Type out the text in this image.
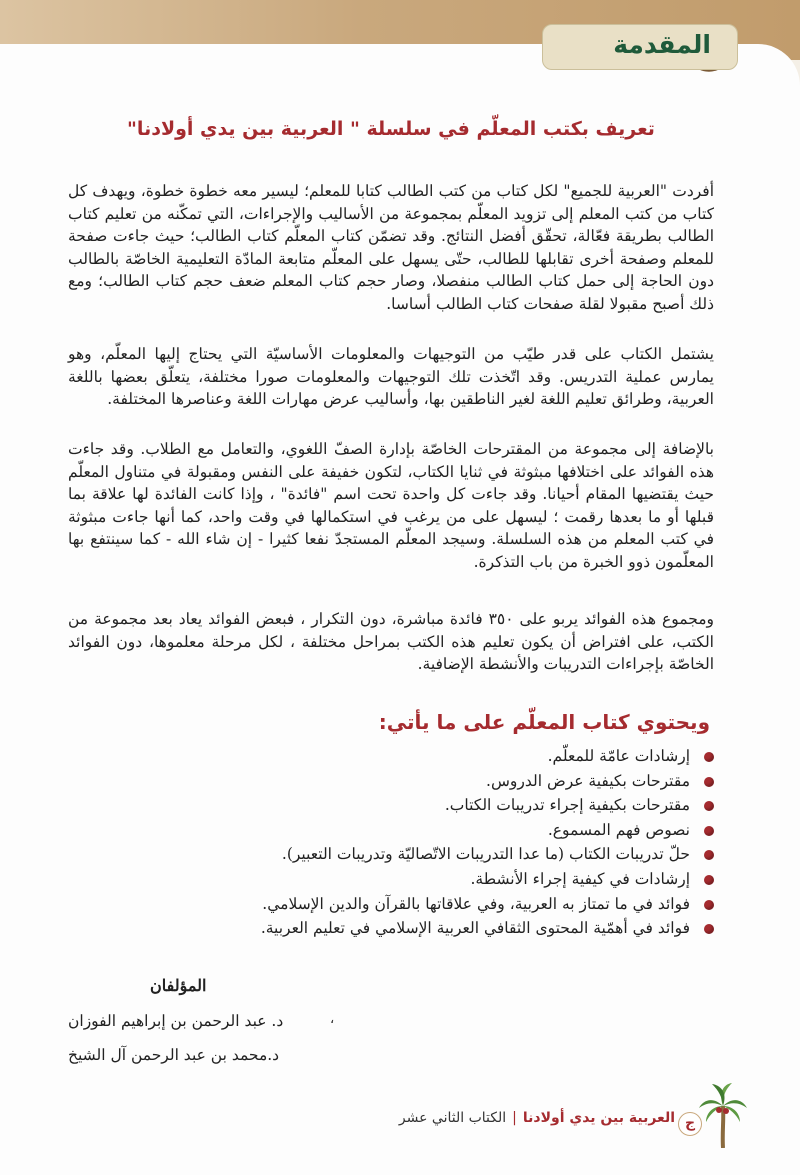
المقدمة
تعريف بكتب المعلّم في سلسلة " العربية بين يدي أولادنا"

أفردت "العربية للجميع" لكل كتاب من كتب الطالب كتابا للمعلم؛ ليسير معه خطوة خطوة، ويهدف كل كتاب من كتب المعلم إلى تزويد المعلّم بمجموعة من الأساليب والإجراءات، التي تمكّنه من تعليم كتاب الطالب بطريقة فعّالة، تحقّق أفضل النتائج. وقد تضمّن كتاب المعلّم كتاب الطالب؛ حيث جاءت صفحة للمعلم وصفحة أخرى تقابلها للطالب، حتّى يسهل على المعلّم متابعة المادّة التعليمية الخاصّة بالطالب دون الحاجة إلى حمل كتاب الطالب منفصلا، وصار حجم كتاب المعلم ضعف حجم كتاب الطالب؛ ومع ذلك أصبح مقبولا لقلة صفحات كتاب الطالب أساسا.

يشتمل الكتاب على قدر طيّب من التوجيهات والمعلومات الأساسيّة التي يحتاج إليها المعلّم، وهو يمارس عملية التدريس. وقد اتّخذت تلك التوجيهات والمعلومات صورا مختلفة، يتعلّق بعضها باللغة العربية، وطرائق تعليم اللغة لغير الناطقين بها، وأساليب عرض مهارات اللغة وعناصرها المختلفة.

بالإضافة إلى مجموعة من المقترحات الخاصّة بإدارة الصفّ اللغوي، والتعامل مع الطلاب. وقد جاءت هذه الفوائد على اختلافها مبثوثة في ثنايا الكتاب، لتكون خفيفة على النفس ومقبولة في متناول المعلّم حيث يقتضيها المقام أحيانا. وقد جاءت كل واحدة تحت اسم "فائدة" ، وإذا كانت الفائدة لها علاقة بما قبلها أو ما بعدها رقمت ؛ ليسهل على من يرغب في استكمالها في وقت واحد، كما أنها جاءت مبثوثة في كتب المعلم من هذه السلسلة. وسيجد المعلّم المستجدّ نفعا كثيرا - إن شاء الله - كما سينتفع بها المعلّمون ذوو الخبرة من باب التذكرة.

ومجموع هذه الفوائد يربو على ٣٥٠ فائدة مباشرة، دون التكرار ، فبعض الفوائد يعاد بعد مجموعة من الكتب، على افتراض أن يكون تعليم هذه الكتب بمراحل مختلفة ، لكل مرحلة معلموها، دون الفوائد الخاصّة بإجراءات التدريبات والأنشطة الإضافية.

ويحتوي كتاب المعلّم على ما يأتي:
إرشادات عامّة للمعلّم.
مقترحات بكيفية عرض الدروس.
مقترحات بكيفية إجراء تدريبات الكتاب.
نصوص فهم المسموع.
حلّ تدريبات الكتاب (ما عدا التدريبات الاتّصاليّة وتدريبات التعبير).
إرشادات في كيفية إجراء الأنشطة.
فوائد في ما تمتاز به العربية، وفي علاقاتها بالقرآن والدين الإسلامي.
فوائد في أهمّية المحتوى الثقافي العربية الإسلامي في تعليم العربية.
المؤلفان
،
د. عبد الرحمن بن إبراهيم الفوزان
د.محمد بن عبد الرحمن آل الشيخ
العربية بين يدي أولادنا|الكتاب الثاني عشر	ج
